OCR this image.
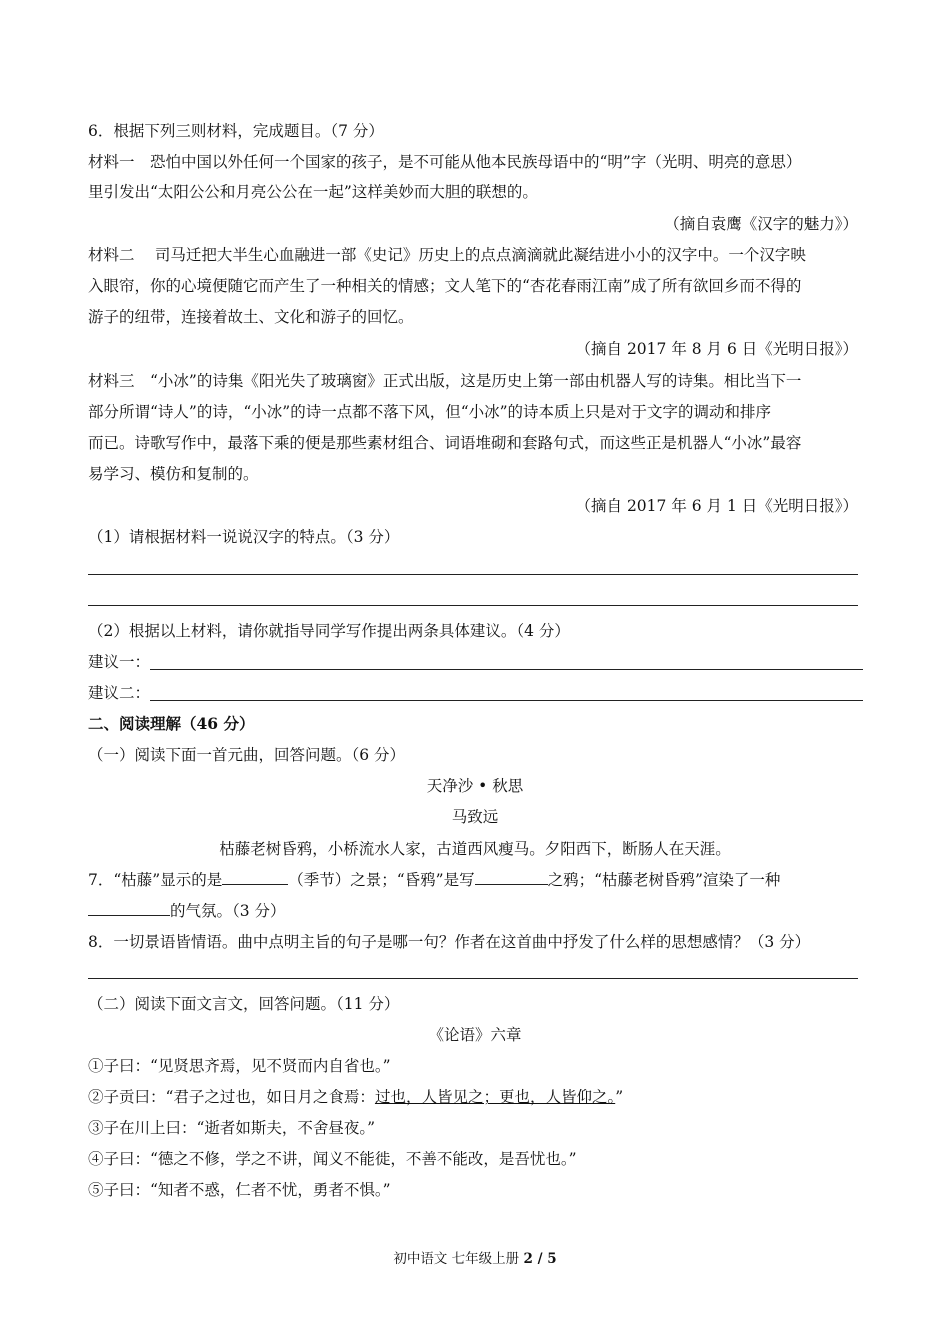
6．根据下列三则材料，完成题目。（7 分）
材料一　恐怕中国以外任何一个国家的孩子，是不可能从他本民族母语中的“明”字（光明、明亮的意思）
里引发出“太阳公公和月亮公公在一起”这样美妙而大胆的联想的。
（摘自袁鹰《汉字的魅力》）
材料二　 司马迁把大半生心血融进一部《史记》历史上的点点滴滴就此凝结进小小的汉字中。一个汉字映
入眼帘，你的心境便随它而产生了一种相关的情感；文人笔下的“杏花春雨江南”成了所有欲回乡而不得的
游子的纽带，连接着故土、文化和游子的回忆。
（摘自 2017 年 8 月 6 日《光明日报》）
材料三　“小冰”的诗集《阳光失了玻璃窗》正式出版，这是历史上第一部由机器人写的诗集。相比当下一
部分所谓“诗人”的诗，“小冰”的诗一点都不落下风，但“小冰”的诗本质上只是对于文字的调动和排序
而已。诗歌写作中，最落下乘的便是那些素材组合、词语堆砌和套路句式，而这些正是机器人“小冰”最容
易学习、模仿和复制的。
（摘自 2017 年 6 月 1 日《光明日报》）
（1）请根据材料一说说汉字的特点。（3 分）
（2）根据以上材料，请你就指导同学写作提出两条具体建议。（4 分）
建议一：
建议二：
二、阅读理解（46 分）
（一）阅读下面一首元曲，回答问题。（6 分）
天净沙 • 秋思
马致远
枯藤老树昏鸦，小桥流水人家，古道西风瘦马。夕阳西下，断肠人在天涯。
7．“枯藤”显示的是	（季节）之景；“昏鸦”是写	之鸦；“枯藤老树昏鸦”渲染了一种
的气氛。（3 分）
8．一切景语皆情语。曲中点明主旨的句子是哪一句？作者在这首曲中抒发了什么样的思想感情？（3 分）
（二）阅读下面文言文，回答问题。（11 分）
《论语》六章
①子曰：“见贤思齐焉，见不贤而内自省也。”
②子贡曰：“君子之过也，如日月之食焉：过也，人皆见之；更也，人皆仰之。”
③子在川上曰：“逝者如斯夫，不舍昼夜。”
④子曰：“德之不修，学之不讲，闻义不能徙，不善不能改，是吾忧也。”
⑤子曰：“知者不惑，仁者不忧，勇者不惧。”
初中语文 七年级上册 2 / 5
